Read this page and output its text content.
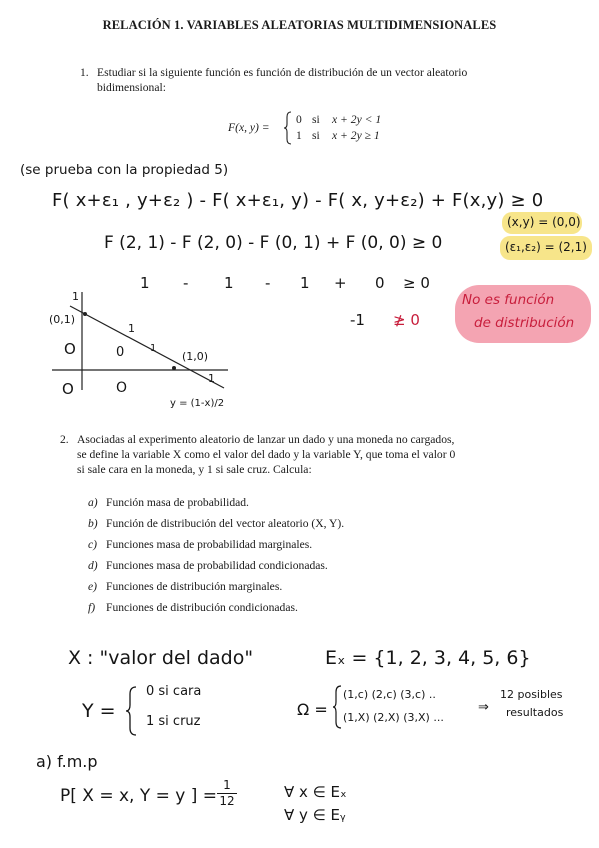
RELACIÓN 1. VARIABLES ALEATORIAS MULTIDIMENSIONALES
1. Estudiar si la siguiente función es función de distribución de un vector aleatorio
bidimensional:
F(x, y) =
0 si x + 2y < 1
1 si x + 2y ≥ 1
(se prueba con la propiedad 5)
F( x+ε₁ , y+ε₂ ) - F( x+ε₁, y) - F( x, y+ε₂) + F(x,y) ≥ 0
F (2, 1) - F (2, 0) - F (0, 1) + F (0, 0) ≥ 0
(x,y) = (0,0)
(ε₁,ε₂) = (2,1)
1 - 1 - 1 + 0 ≥ 0
-1 ≱ 0
No es función
de distribución
1
(0,1)
1
1
(1,0)
1
O	0
O	O
y = (1-x)/2
2. Asociadas al experimento aleatorio de lanzar un dado y una moneda no cargados,
se define la variable X como el valor del dado y la variable Y, que toma el valor 0
si sale cara en la moneda, y 1 si sale cruz. Calcula:
a) Función masa de probabilidad.
b) Función de distribución del vector aleatorio (X, Y).
c) Funciones masa de probabilidad marginales.
d) Funciones masa de probabilidad condicionadas.
e) Funciones de distribución marginales.
f) Funciones de distribución condicionadas.
X : "valor del dado"	Eₓ = {1, 2, 3, 4, 5, 6}
Y =
0 si cara
1 si cruz
Ω =
(1,c) (2,c) (3,c) ..
(1,X) (2,X) (3,X) ...
⇒
12 posibles
resultados
a) f.m.p
P[ X = x, Y = y ] =
1
12	∀ x ∈ Eₓ
∀ y ∈ Eᵧ
